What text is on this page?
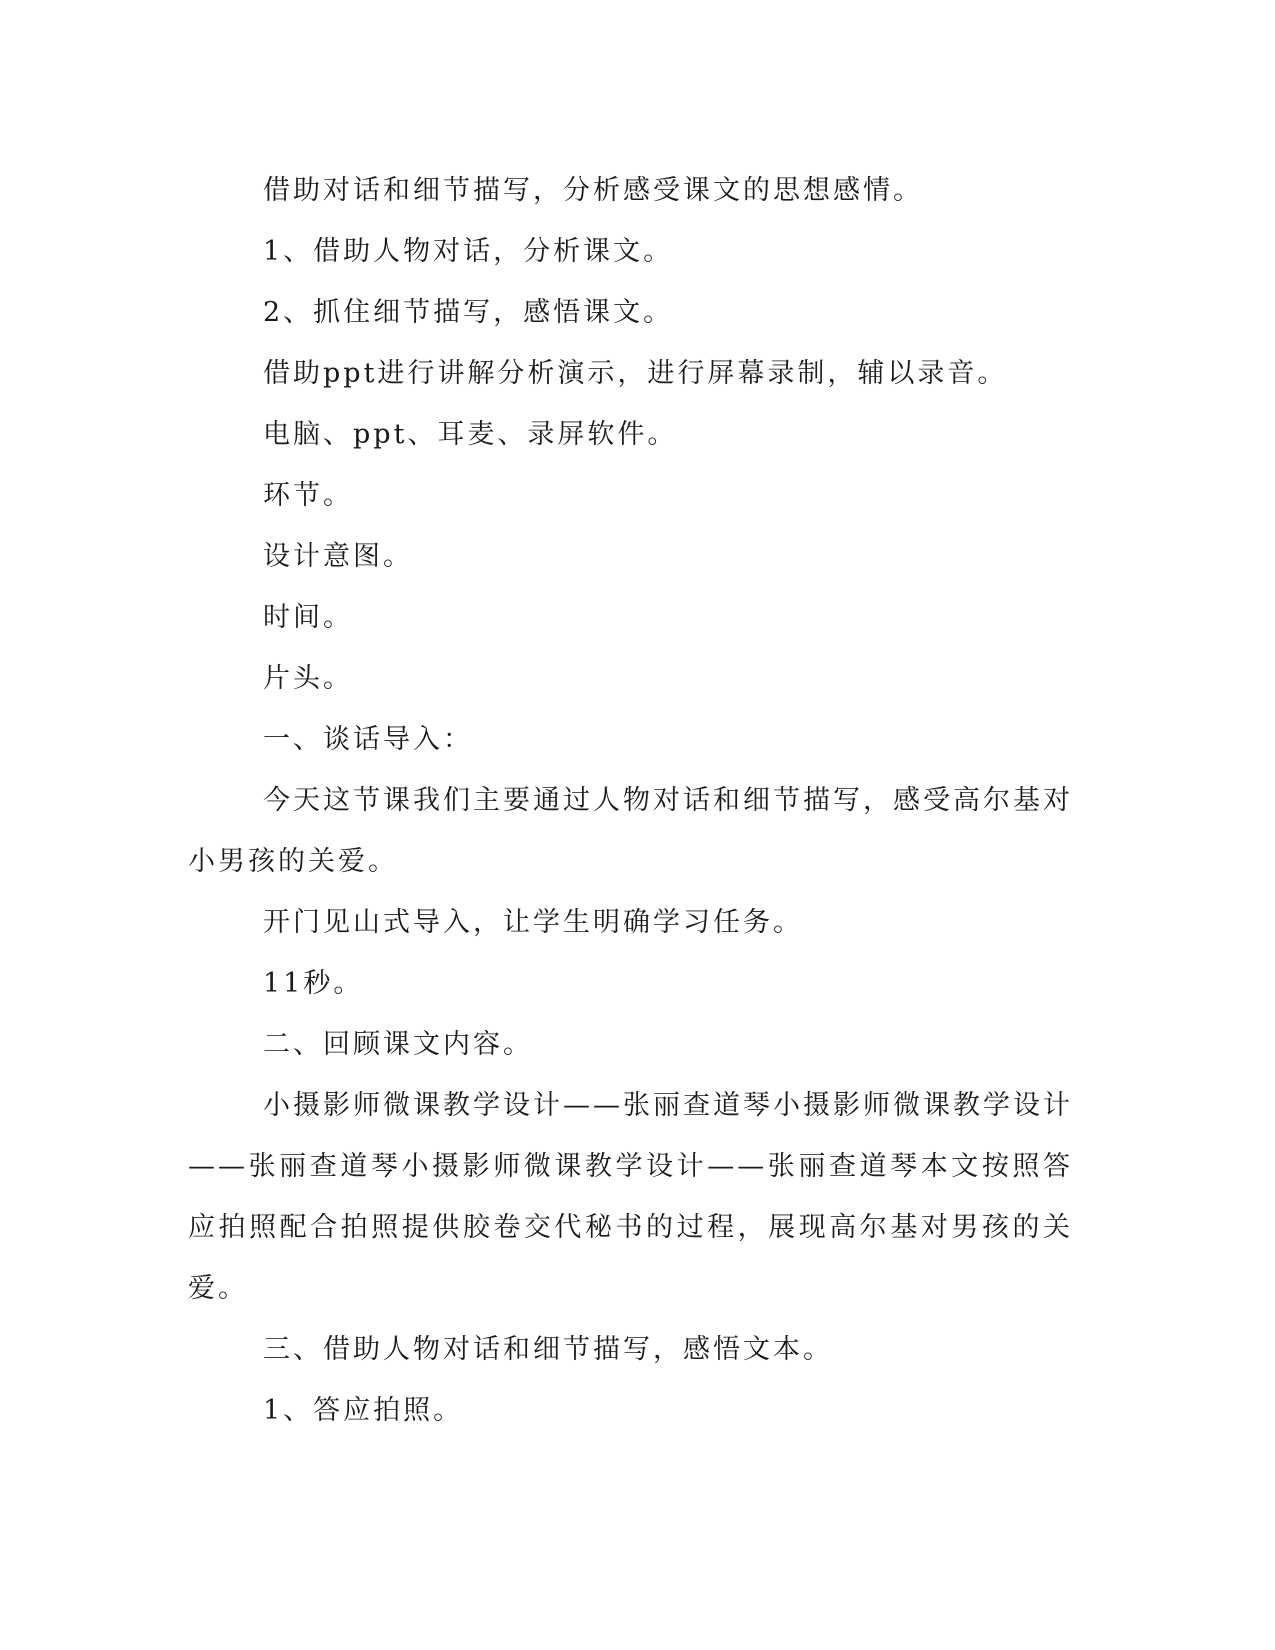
借助对话和细节描写，分析感受课文的思想感情。

1、借助人物对话，分析课文。

2、抓住细节描写，感悟课文。

借助ppt进行讲解分析演示，进行屏幕录制，辅以录音。

电脑、ppt、耳麦、录屏软件。

环节。

设计意图。

时间。

片头。

一、谈话导入：

今天这节课我们主要通过人物对话和细节描写，感受高尔基对小男孩的关爱。

开门见山式导入，让学生明确学习任务。

11秒。

二、回顾课文内容。

小摄影师微课教学设计——张丽查道琴小摄影师微课教学设计——张丽查道琴小摄影师微课教学设计——张丽查道琴本文按照答应拍照配合拍照提供胶卷交代秘书的过程，展现高尔基对男孩的关爱。

三、借助人物对话和细节描写，感悟文本。

1、答应拍照。
